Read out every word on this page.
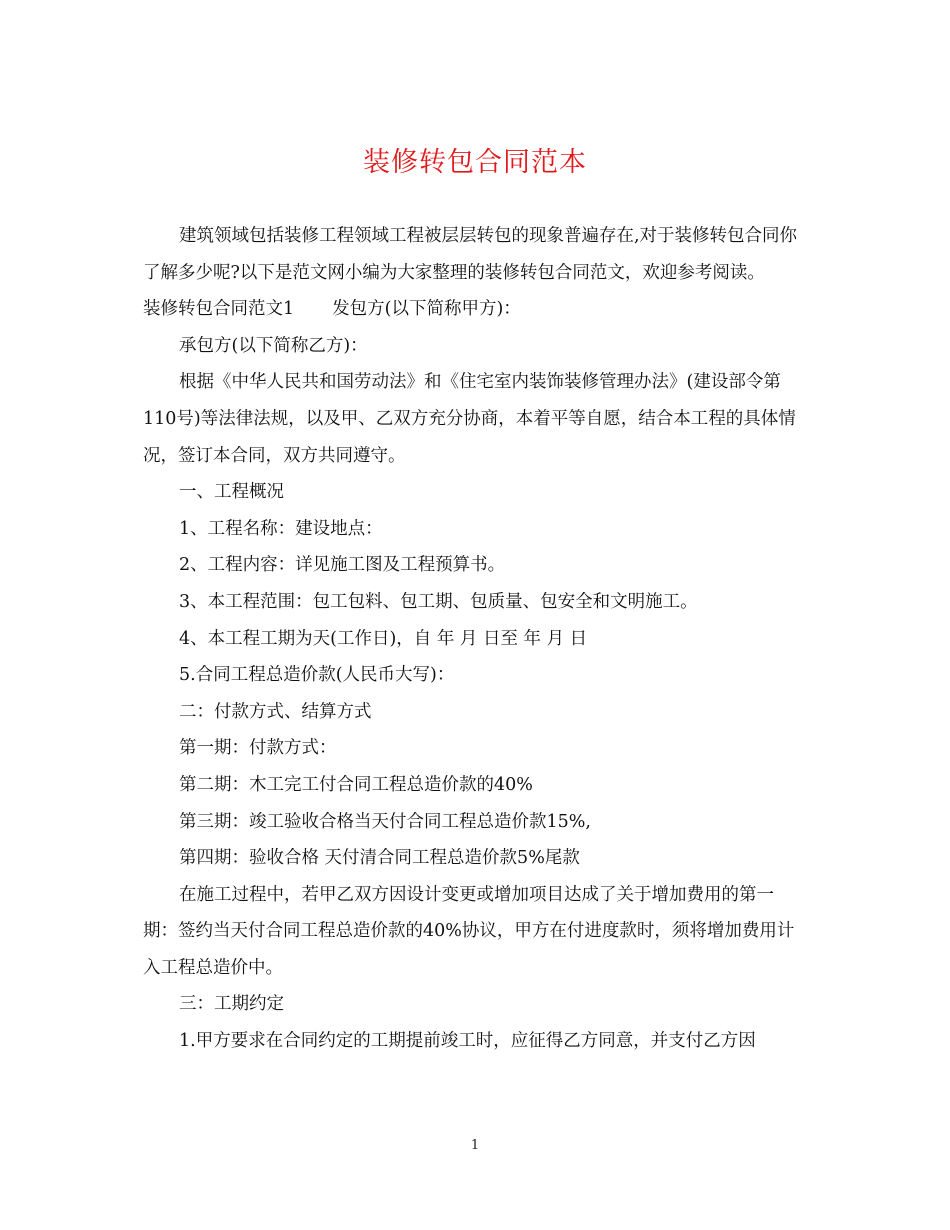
装修转包合同范本

建筑领域包括装修工程领域工程被层层转包的现象普遍存在,对于装修转包合同你了解多少呢?以下是范文网小编为大家整理的装修转包合同范文，欢迎参考阅读。

装修转包合同范文1 发包方(以下简称甲方)：

承包方(以下简称乙方)：

根据《中华人民共和国劳动法》和《住宅室内装饰装修管理办法》(建设部令第110号)等法律法规，以及甲、乙双方充分协商，本着平等自愿，结合本工程的具体情况，签订本合同，双方共同遵守。

一、工程概况

1、工程名称：建设地点：

2、工程内容：详见施工图及工程预算书。

3、本工程范围：包工包料、包工期、包质量、包安全和文明施工。

4、本工程工期为天(工作日)，自 年 月 日至 年 月 日

5.合同工程总造价款(人民币大写)：

二：付款方式、结算方式

第一期：付款方式：

第二期：木工完工付合同工程总造价款的40%

第三期：竣工验收合格当天付合同工程总造价款15%,

第四期：验收合格 天付清合同工程总造价款5%尾款

在施工过程中，若甲乙双方因设计变更或增加项目达成了关于增加费用的第一期：签约当天付合同工程总造价款的40%协议，甲方在付进度款时，须将增加费用计入工程总造价中。

三：工期约定

1.甲方要求在合同约定的工期提前竣工时，应征得乙方同意，并支付乙方因

1
